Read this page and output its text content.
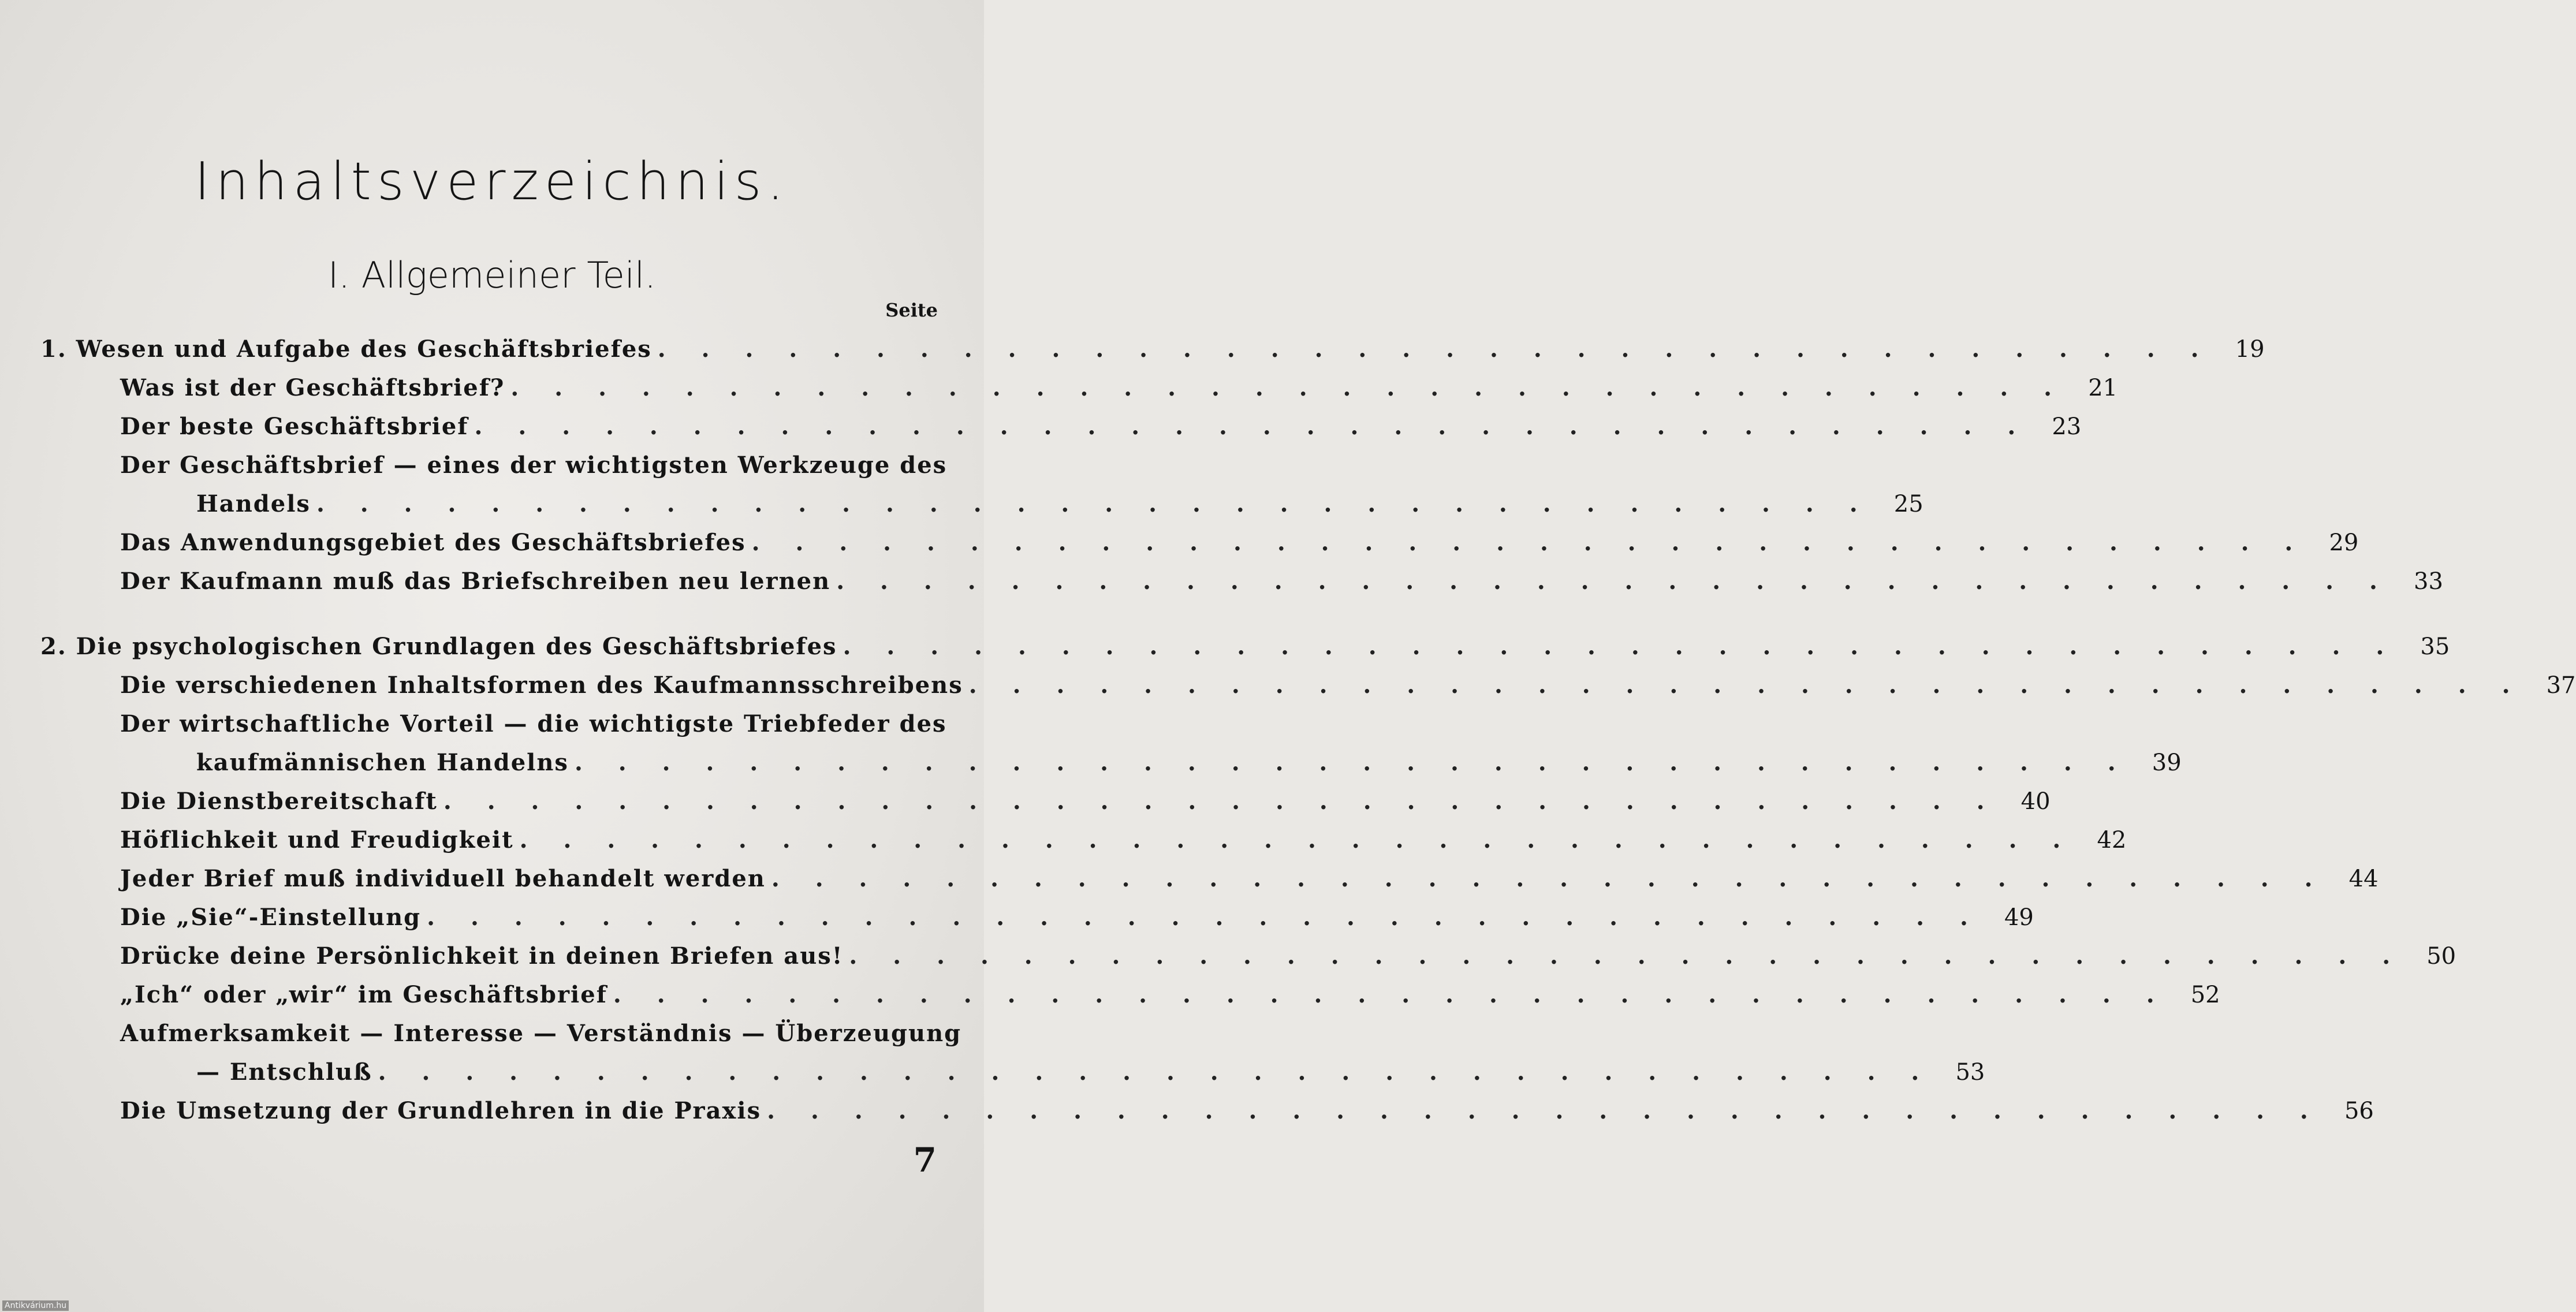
Inhaltsverzeichnis.
I. Allgemeiner Teil.
Seite
1. Wesen und Aufgabe des Geschäftsbriefes . . . . . . . . . . . . . . . . . . . . . . . . . . . . . . . . . . . . 19
Was ist der Geschäftsbrief? . . . . . . . . . . . . . . . . . . . . . . . . . . . . . . . . . . . . 21
Der beste Geschäftsbrief . . . . . . . . . . . . . . . . . . . . . . . . . . . . . . . . . . . . 23
Der Geschäftsbrief — eines der wichtigsten Werkzeuge des
Handels . . . . . . . . . . . . . . . . . . . . . . . . . . . . . . . . . . . . 25
Das Anwendungsgebiet des Geschäftsbriefes . . . . . . . . . . . . . . . . . . . . . . . . . . . . . . . . . . . . 29
Der Kaufmann muß das Briefschreiben neu lernen . . . . . . . . . . . . . . . . . . . . . . . . . . . . . . . . . . . . 33
2. Die psychologischen Grundlagen des Geschäftsbriefes . . . . . . . . . . . . . . . . . . . . . . . . . . . . . . . . . . . . 35
Die verschiedenen Inhaltsformen des Kaufmannsschreibens . . . . . . . . . . . . . . . . . . . . . . . . . . . . . . . . . . . . 37
Der wirtschaftliche Vorteil — die wichtigste Triebfeder des
kaufmännischen Handelns . . . . . . . . . . . . . . . . . . . . . . . . . . . . . . . . . . . . 39
Die Dienstbereitschaft . . . . . . . . . . . . . . . . . . . . . . . . . . . . . . . . . . . . 40
Höflichkeit und Freudigkeit . . . . . . . . . . . . . . . . . . . . . . . . . . . . . . . . . . . . 42
Jeder Brief muß individuell behandelt werden . . . . . . . . . . . . . . . . . . . . . . . . . . . . . . . . . . . . 44
Die „Sie“-Einstellung . . . . . . . . . . . . . . . . . . . . . . . . . . . . . . . . . . . . 49
Drücke deine Persönlichkeit in deinen Briefen aus! . . . . . . . . . . . . . . . . . . . . . . . . . . . . . . . . . . . . 50
„Ich“ oder „wir“ im Geschäftsbrief . . . . . . . . . . . . . . . . . . . . . . . . . . . . . . . . . . . . 52
Aufmerksamkeit — Interesse — Verständnis — Überzeugung
— Entschluß . . . . . . . . . . . . . . . . . . . . . . . . . . . . . . . . . . . . 53
Die Umsetzung der Grundlehren in die Praxis . . . . . . . . . . . . . . . . . . . . . . . . . . . . . . . . . . . . 56
7
Antikvárium.hu
